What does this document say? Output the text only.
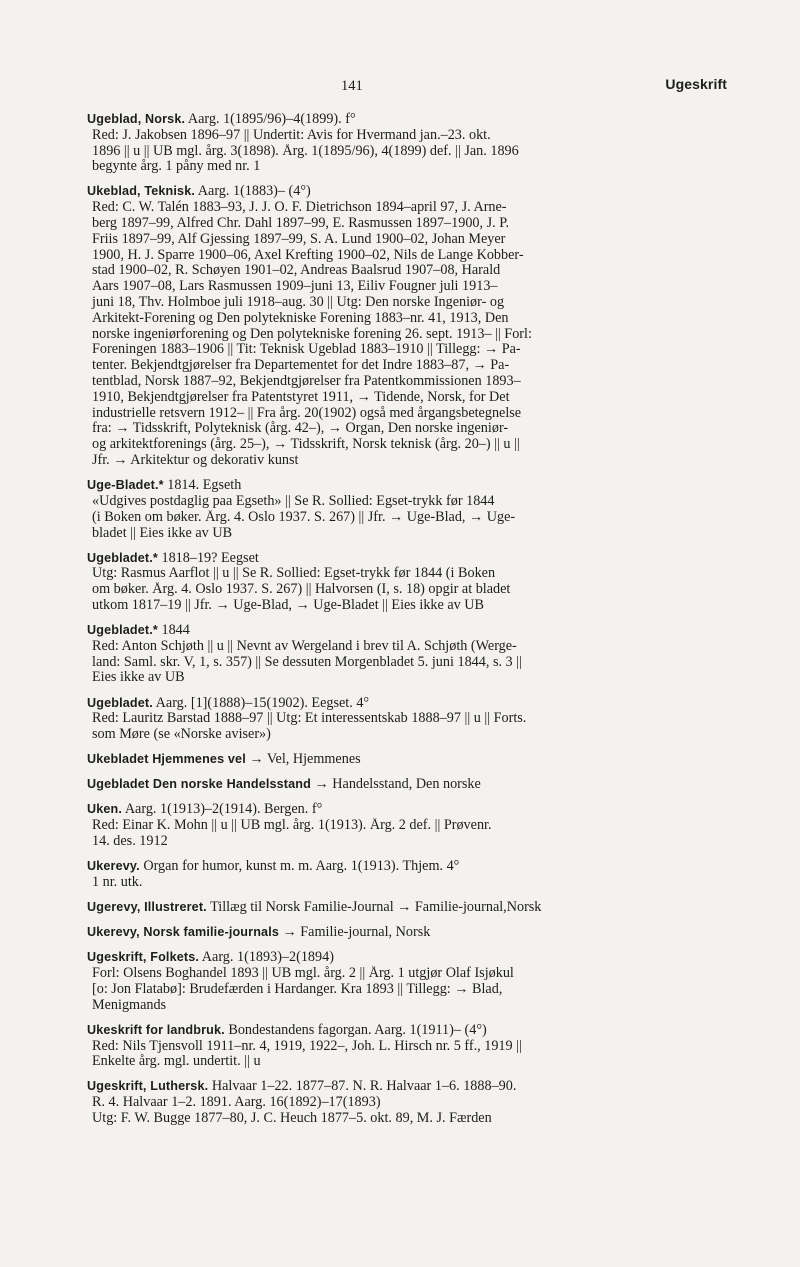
141	Ugeskrift

Ugeblad, Norsk. Aarg. 1(1895/96)–4(1899). f°

Red: J. Jakobsen 1896–97 || Undertit: Avis for Hvermand jan.–23. okt.

1896 || u || UB mgl. årg. 3(1898). Årg. 1(1895/96), 4(1899) def. || Jan. 1896

begynte årg. 1 påny med nr. 1

Ukeblad, Teknisk. Aarg. 1(1883)– (4°)

Red: C. W. Talén 1883–93, J. J. O. F. Dietrichson 1894–april 97, J. Arne-

berg 1897–99, Alfred Chr. Dahl 1897–99, E. Rasmussen 1897–1900, J. P.

Friis 1897–99, Alf Gjessing 1897–99, S. A. Lund 1900–02, Johan Meyer

1900, H. J. Sparre 1900–06, Axel Krefting 1900–02, Nils de Lange Kobber-

stad 1900–02, R. Schøyen 1901–02, Andreas Baalsrud 1907–08, Harald

Aars 1907–08, Lars Rasmussen 1909–juni 13, Eiliv Fougner juli 1913–

juni 18, Thv. Holmboe juli 1918–aug. 30 || Utg: Den norske Ingeniør- og

Arkitekt-Forening og Den polytekniske Forening 1883–nr. 41, 1913, Den

norske ingeniørforening og Den polytekniske forening 26. sept. 1913– || Forl:

Foreningen 1883–1906 || Tit: Teknisk Ugeblad 1883–1910 || Tillegg: → Pa-

tenter. Bekjendtgjørelser fra Departementet for det Indre 1883–87, → Pa-

tentblad, Norsk 1887–92, Bekjendtgjørelser fra Patentkommissionen 1893–

1910, Bekjendtgjørelser fra Patentstyret 1911, → Tidende, Norsk, for Det

industrielle retsvern 1912– || Fra årg. 20(1902) også med årgangsbetegnelse

fra: → Tidsskrift, Polyteknisk (årg. 42–), → Organ, Den norske ingeniør-

og arkitektforenings (årg. 25–), → Tidsskrift, Norsk teknisk (årg. 20–) || u ||

Jfr. → Arkitektur og dekorativ kunst

Uge-Bladet.* 1814. Egseth

«Udgives postdaglig paa Egseth» || Se R. Sollied: Egset-trykk før 1844

(i Boken om bøker. Årg. 4. Oslo 1937. S. 267) || Jfr. → Uge-Blad, → Uge-

bladet || Eies ikke av UB

Ugebladet.* 1818–19? Eegset

Utg: Rasmus Aarflot || u || Se R. Sollied: Egset-trykk før 1844 (i Boken

om bøker. Årg. 4. Oslo 1937. S. 267) || Halvorsen (I, s. 18) opgir at bladet

utkom 1817–19 || Jfr. → Uge-Blad, → Uge-Bladet || Eies ikke av UB

Ugebladet.* 1844

Red: Anton Schjøth || u || Nevnt av Wergeland i brev til A. Schjøth (Werge-

land: Saml. skr. V, 1, s. 357) || Se dessuten Morgenbladet 5. juni 1844, s. 3 ||

Eies ikke av UB

Ugebladet. Aarg. [1](1888)–15(1902). Eegset. 4°

Red: Lauritz Barstad 1888–97 || Utg: Et interessentskab 1888–97 || u || Forts.

som Møre (se «Norske aviser»)

Ukebladet Hjemmenes vel → Vel, Hjemmenes

Ugebladet Den norske Handelsstand → Handelsstand, Den norske

Uken. Aarg. 1(1913)–2(1914). Bergen. f°

Red: Einar K. Mohn || u || UB mgl. årg. 1(1913). Årg. 2 def. || Prøvenr.

14. des. 1912

Ukerevy. Organ for humor, kunst m. m. Aarg. 1(1913). Thjem. 4°

1 nr. utk.

Ugerevy, Illustreret. Tillæg til Norsk Familie-Journal → Familie-journal,Norsk

Ukerevy, Norsk familie-journals → Familie-journal, Norsk

Ugeskrift, Folkets. Aarg. 1(1893)–2(1894)

Forl: Olsens Boghandel 1893 || UB mgl. årg. 2 || Årg. 1 utgjør Olaf Isjøkul

[o: Jon Flatabø]: Brudefærden i Hardanger. Kra 1893 || Tillegg: → Blad,

Menigmands

Ukeskrift for landbruk. Bondestandens fagorgan. Aarg. 1(1911)– (4°)

Red: Nils Tjensvoll 1911–nr. 4, 1919, 1922–, Joh. L. Hirsch nr. 5 ff., 1919 ||

Enkelte årg. mgl. undertit. || u

Ugeskrift, Luthersk. Halvaar 1–22. 1877–87. N. R. Halvaar 1–6. 1888–90.

R. 4. Halvaar 1–2. 1891. Aarg. 16(1892)–17(1893)

Utg: F. W. Bugge 1877–80, J. C. Heuch 1877–5. okt. 89, M. J. Færden
